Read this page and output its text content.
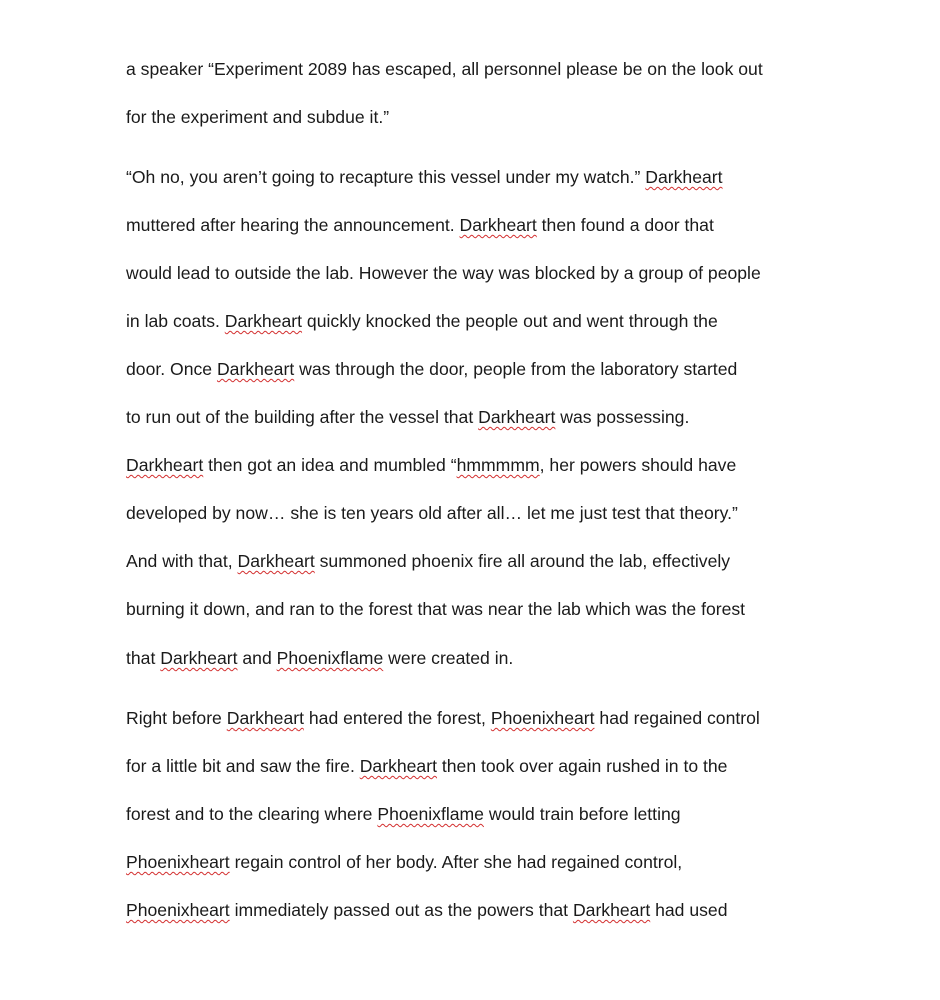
a speaker “Experiment 2089 has escaped, all personnel please be on the look out
for the experiment and subdue it.”
“Oh no, you aren’t going to recapture this vessel under my watch.” Darkheart
muttered after hearing the announcement. Darkheart then found a door that
would lead to outside the lab. However the way was blocked by a group of people
in lab coats. Darkheart quickly knocked the people out and went through the
door. Once Darkheart was through the door, people from the laboratory started
to run out of the building after the vessel that Darkheart was possessing.
Darkheart then got an idea and mumbled “hmmmmm, her powers should have
developed by now… she is ten years old after all… let me just test that theory.”
And with that, Darkheart summoned phoenix fire all around the lab, effectively
burning it down, and ran to the forest that was near the lab which was the forest
that Darkheart and Phoenixflame were created in.
Right before Darkheart had entered the forest, Phoenixheart had regained control
for a little bit and saw the fire. Darkheart then took over again rushed in to the
forest and to the clearing where Phoenixflame would train before letting
Phoenixheart regain control of her body. After she had regained control,
Phoenixheart immediately passed out as the powers that Darkheart had used
